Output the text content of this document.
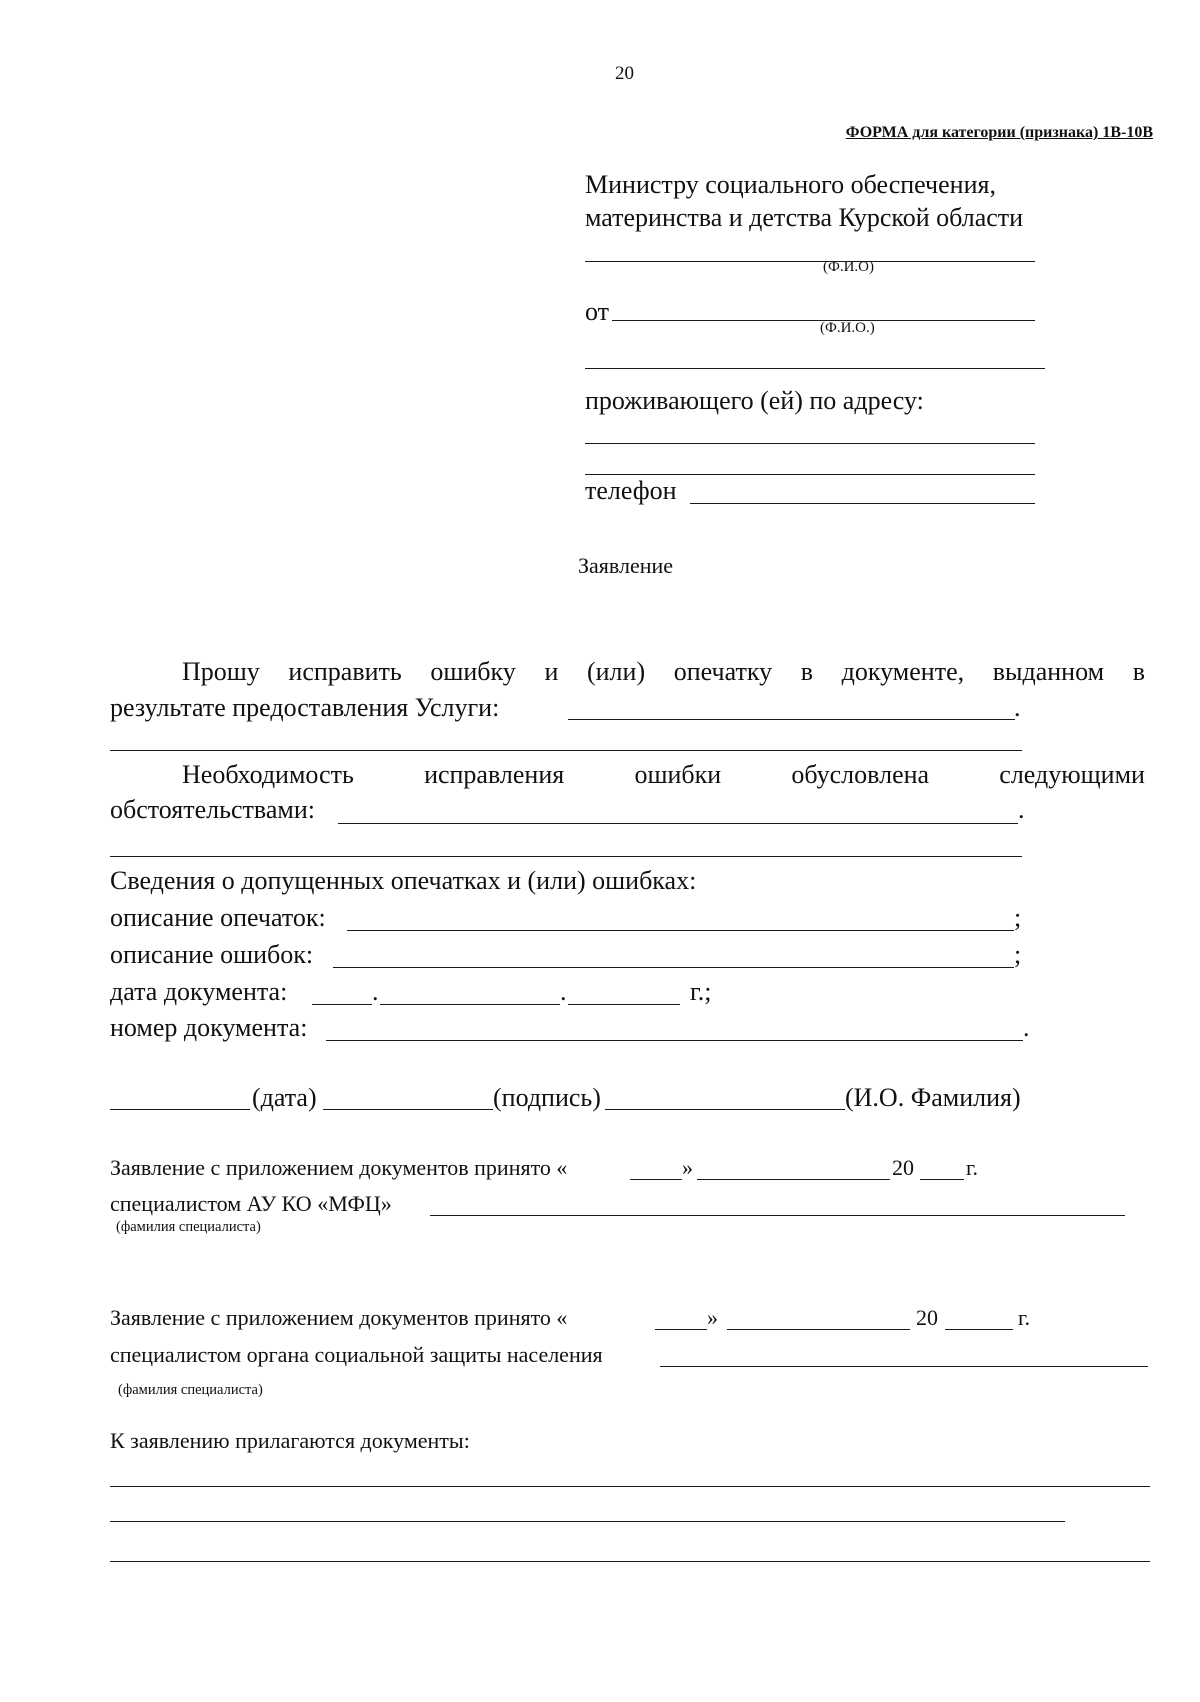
20
ФОРМА для категории (признака) 1В-10В
Министру социального обеспечения,
материнства и детства Курской области
(Ф.И.О)
от
(Ф.И.О.)
проживающего (ей) по адресу:
телефон
Заявление
Прошу исправить ошибку и (или) опечатку в документе, выданном в
результате предоставления Услуги:	.
Необходимость	исправления	ошибки	обусловлена	следующими
обстоятельствами:	.
Сведения о допущенных опечатках и (или) ошибках:
описание опечаток:	;
описание ошибок:	;
дата документа:	.	.	г.;
номер документа:	.
(дата)	(подпись)	(И.О. Фамилия)
Заявление с приложением документов принято «	»	20 г.
специалистом АУ КО «МФЦ»
(фамилия специалиста)
Заявление с приложением документов принято «	»	20	г.
специалистом органа социальной защиты населения
(фамилия специалиста)
К заявлению прилагаются документы:
